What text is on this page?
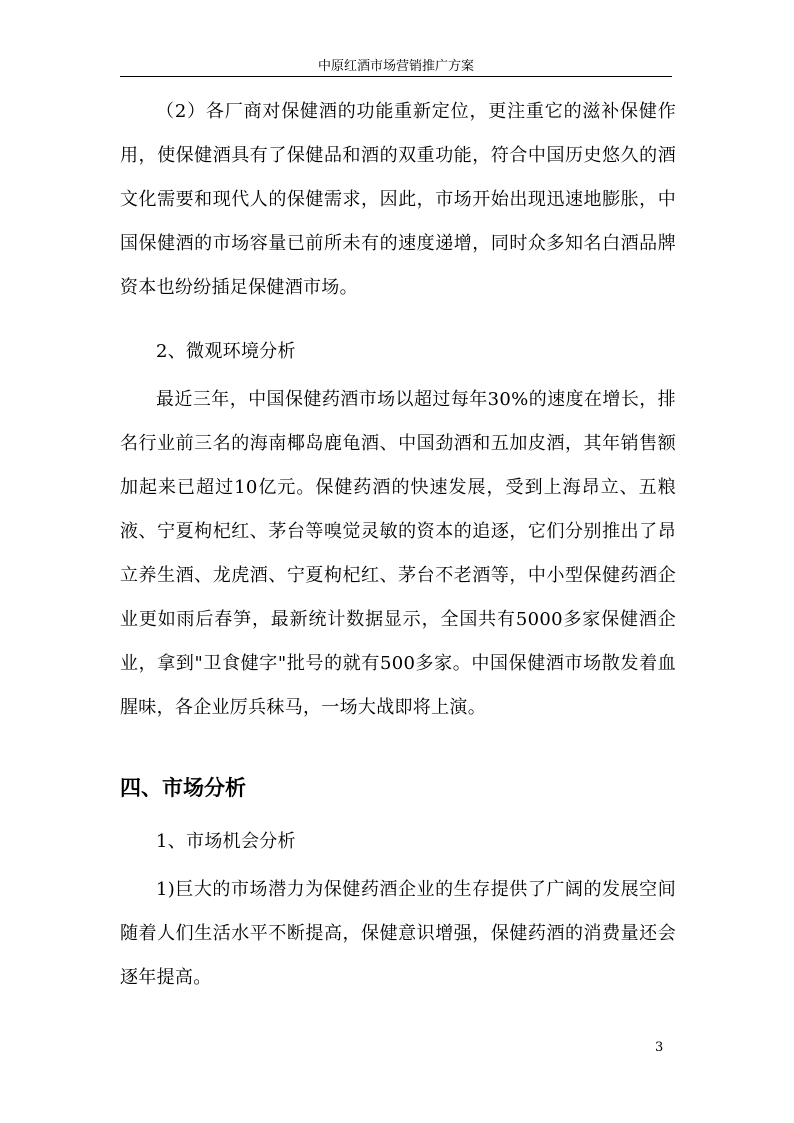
中原红酒市场营销推广方案

（2）各厂商对保健酒的功能重新定位，更注重它的滋补保健作用，使保健酒具有了保健品和酒的双重功能，符合中国历史悠久的酒文化需要和现代人的保健需求，因此，市场开始出现迅速地膨胀，中国保健酒的市场容量已前所未有的速度递增，同时众多知名白酒品牌资本也纷纷插足保健酒市场。

2、微观环境分析

最近三年，中国保健药酒市场以超过每年30%的速度在增长，排名行业前三名的海南椰岛鹿龟酒、中国劲酒和五加皮酒，其年销售额加起来已超过10亿元。保健药酒的快速发展，受到上海昂立、五粮液、宁夏枸杞红、茅台等嗅觉灵敏的资本的追逐，它们分别推出了昂立养生酒、龙虎酒、宁夏枸杞红、茅台不老酒等，中小型保健药酒企业更如雨后春笋，最新统计数据显示，全国共有5000多家保健酒企业，拿到"卫食健字"批号的就有500多家。中国保健酒市场散发着血腥味，各企业厉兵秣马，一场大战即将上演。

四、市场分析

1、市场机会分析

1)巨大的市场潜力为保健药酒企业的生存提供了广阔的发展空间随着人们生活水平不断提高，保健意识增强，保健药酒的消费量还会逐年提高。

3
